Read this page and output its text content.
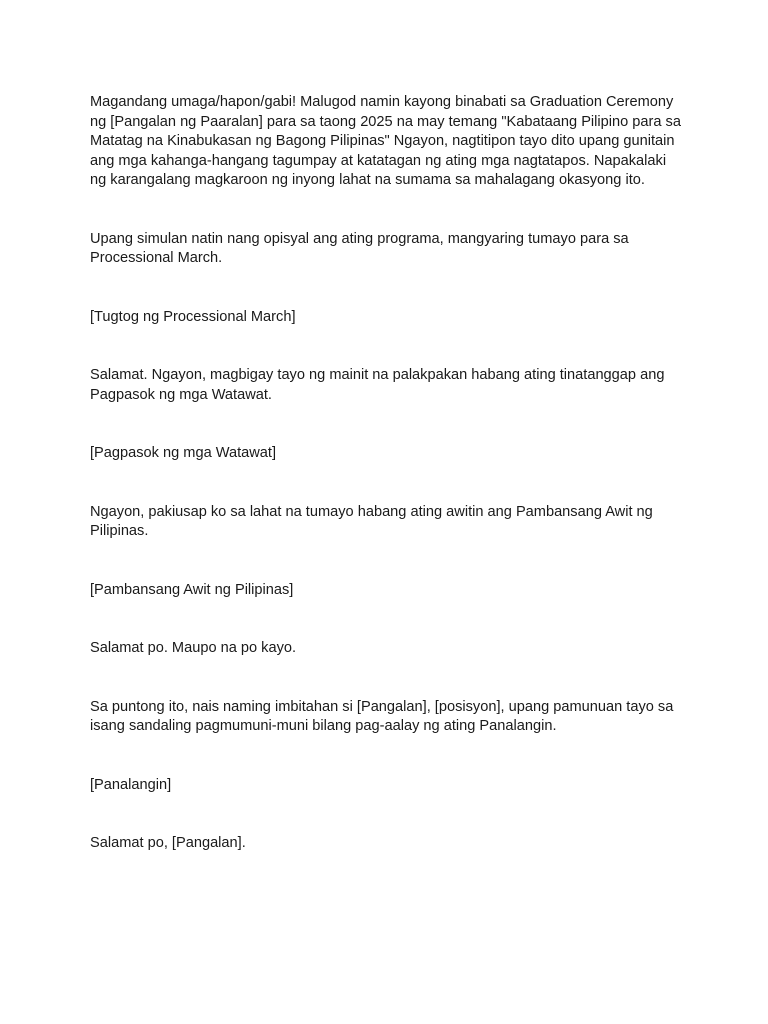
Magandang umaga/hapon/gabi! Malugod namin kayong binabati sa Graduation Ceremony ng [Pangalan ng Paaralan] para sa taong 2025 na may temang "Kabataang Pilipino para sa Matatag na Kinabukasan ng Bagong Pilipinas" Ngayon, nagtitipon tayo dito upang gunitain ang mga kahanga-hangang tagumpay at katatagan ng ating mga nagtatapos. Napakalaki ng karangalang magkaroon ng inyong lahat na sumama sa mahalagang okasyong ito.

Upang simulan natin nang opisyal ang ating programa, mangyaring tumayo para sa Processional March.

[Tugtog ng Processional March]

Salamat. Ngayon, magbigay tayo ng mainit na palakpakan habang ating tinatanggap ang Pagpasok ng mga Watawat.

[Pagpasok ng mga Watawat]

Ngayon, pakiusap ko sa lahat na tumayo habang ating awitin ang Pambansang Awit ng Pilipinas.

[Pambansang Awit ng Pilipinas]

Salamat po. Maupo na po kayo.

Sa puntong ito, nais naming imbitahan si [Pangalan], [posisyon], upang pamunuan tayo sa isang sandaling pagmumuni-muni bilang pag-aalay ng ating Panalangin.

[Panalangin]

Salamat po, [Pangalan].
